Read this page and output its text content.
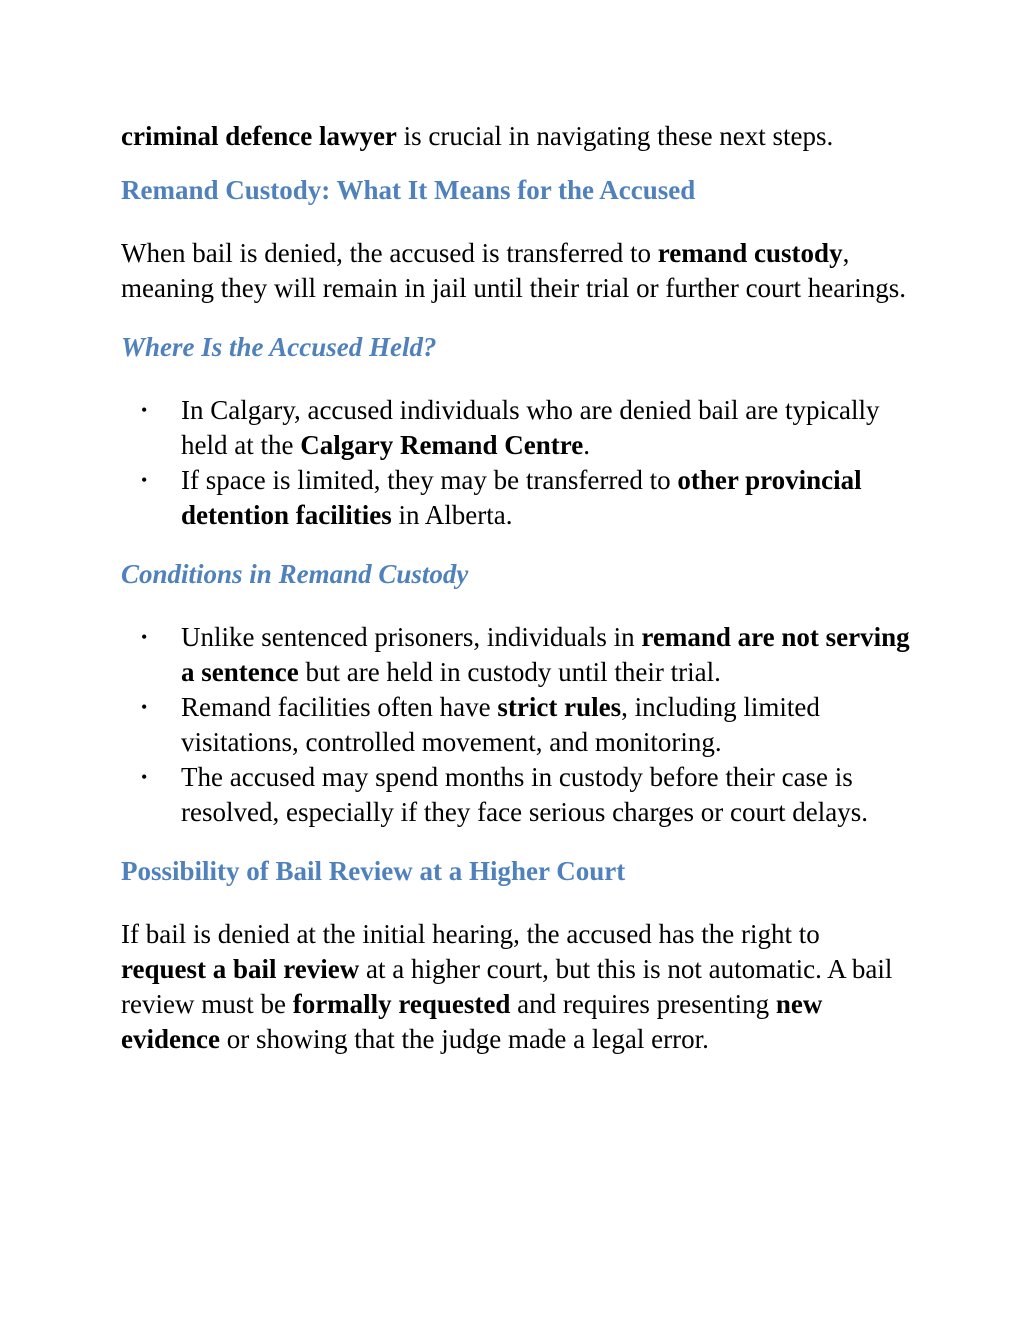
criminal defence lawyer is crucial in navigating these next steps.

Remand Custody: What It Means for the Accused

When bail is denied, the accused is transferred to remand custody, meaning they will remain in jail until their trial or further court hearings.

Where Is the Accused Held?
• In Calgary, accused individuals who are denied bail are typically held at the Calgary Remand Centre.
• If space is limited, they may be transferred to other provincial detention facilities in Alberta.
Conditions in Remand Custody
• Unlike sentenced prisoners, individuals in remand are not serving a sentence but are held in custody until their trial.
• Remand facilities often have strict rules, including limited visitations, controlled movement, and monitoring.
• The accused may spend months in custody before their case is resolved, especially if they face serious charges or court delays.
Possibility of Bail Review at a Higher Court

If bail is denied at the initial hearing, the accused has the right to request a bail review at a higher court, but this is not automatic. A bail review must be formally requested and requires presenting new evidence or showing that the judge made a legal error.
